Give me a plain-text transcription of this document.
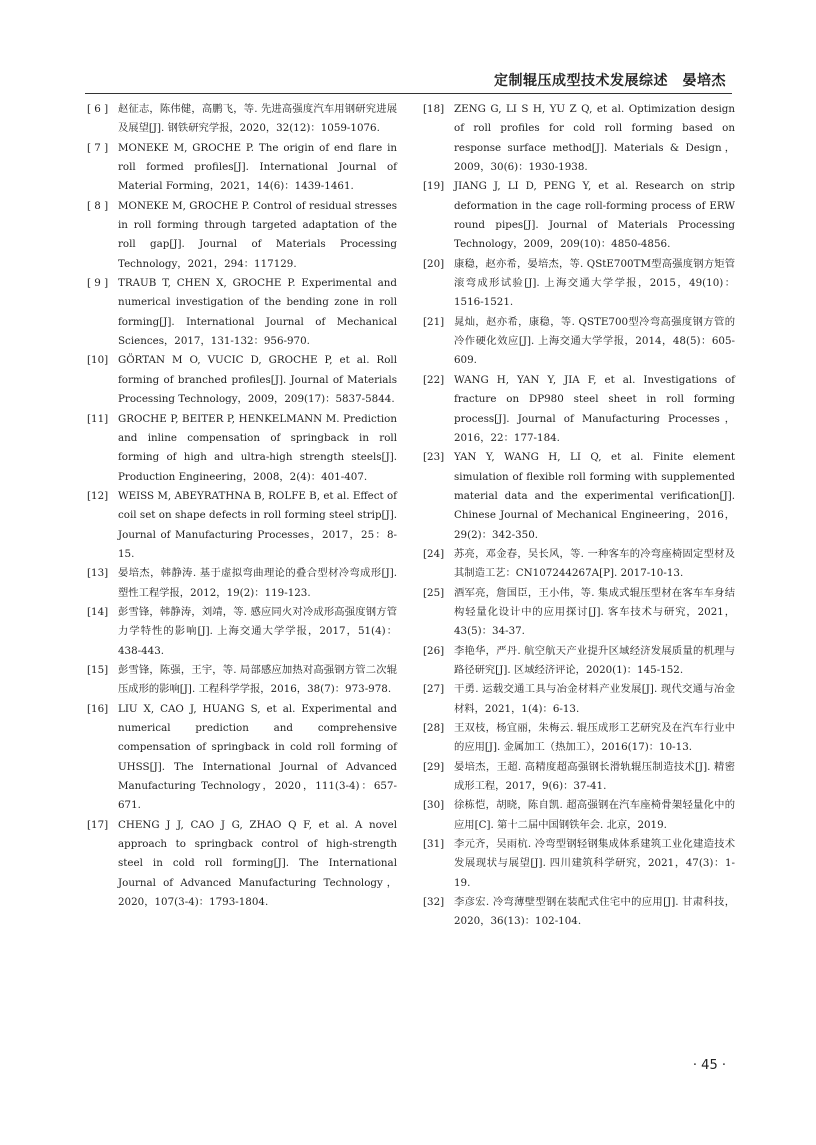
定制辊压成型技术发展综述　晏培杰
[ 6 ] 赵征志，陈伟健，高鹏飞，等. 先进高强度汽车用钢研究进展及展望[J]. 钢铁研究学报，2020，32(12)：1059-1076.
[ 7 ] MONEKE M, GROCHE P. The origin of end flare in roll formed profiles[J]. International Journal of Material Forming，2021，14(6)：1439-1461.
[ 8 ] MONEKE M, GROCHE P. Control of residual stresses in roll forming through targeted adaptation of the roll gap[J]. Journal of Materials Processing Technology，2021，294：117129.
[ 9 ] TRAUB T, CHEN X, GROCHE P. Experimental and numerical investigation of the bending zone in roll forming[J]. International Journal of Mechanical Sciences，2017，131-132：956-970.
[10] GÖRTAN M O, VUCIC D, GROCHE P, et al. Roll forming of branched profiles[J]. Journal of Materials Processing Technology，2009，209(17)：5837-5844.
[11] GROCHE P, BEITER P, HENKELMANN M. Prediction and inline compensation of springback in roll forming of high and ultra-high strength steels[J]. Production Engineering，2008，2(4)：401-407.
[12] WEISS M, ABEYRATHNA B, ROLFE B, et al. Effect of coil set on shape defects in roll forming steel strip[J]. Journal of Manufacturing Processes，2017，25：8-15.
[13] 晏培杰，韩静涛. 基于虚拟弯曲理论的叠合型材冷弯成形[J]. 塑性工程学报，2012，19(2)：119-123.
[14] 彭雪锋，韩静涛，刘靖，等. 感应同火对冷成形高强度钢方管力学特性的影响[J]. 上海交通大学学报，2017，51(4)：438-443.
[15] 彭雪锋，陈强，王宇，等. 局部感应加热对高强钢方管二次辊压成形的影响[J]. 工程科学学报，2016，38(7)：973-978.
[16] LIU X, CAO J, HUANG S, et al. Experimental and numerical prediction and comprehensive compensation of springback in cold roll forming of UHSS[J]. The International Journal of Advanced Manufacturing Technology，2020，111(3-4)：657-671.
[17] CHENG J J, CAO J G, ZHAO Q F, et al. A novel approach to springback control of high-strength steel in cold roll forming[J]. The International Journal of Advanced Manufacturing Technology，2020，107(3-4)：1793-1804.
[18] ZENG G, LI S H, YU Z Q, et al. Optimization design of roll profiles for cold roll forming based on response surface method[J]. Materials & Design，2009，30(6)：1930-1938.
[19] JIANG J, LI D, PENG Y, et al. Research on strip deformation in the cage roll-forming process of ERW round pipes[J]. Journal of Materials Processing Technology，2009，209(10)：4850-4856.
[20] 康稳，赵亦希，晏培杰，等. QStE700TM型高强度钢方矩管滚弯成形试验[J]. 上海交通大学学报，2015，49(10)：1516-1521.
[21] 晁灿，赵亦希，康稳，等. QSTE700型冷弯高强度钢方管的冷作硬化效应[J]. 上海交通大学学报，2014，48(5)：605-609.
[22] WANG H, YAN Y, JIA F, et al. Investigations of fracture on DP980 steel sheet in roll forming process[J]. Journal of Manufacturing Processes，2016，22：177-184.
[23] YAN Y, WANG H, LI Q, et al. Finite element simulation of flexible roll forming with supplemented material data and the experimental verification[J]. Chinese Journal of Mechanical Engineering，2016，29(2)：342-350.
[24] 苏亮，邓金春，吴长风，等. 一种客车的冷弯座椅固定型材及其制造工艺：CN107244267A[P]. 2017-10-13.
[25] 酒军亮，詹国臣，王小伟，等. 集成式辊压型材在客车车身结构轻量化设计中的应用探讨[J]. 客车技术与研究，2021，43(5)：34-37.
[26] 李艳华，严丹. 航空航天产业提升区域经济发展质量的机理与路径研究[J]. 区域经济评论，2020(1)：145-152.
[27] 干勇. 运载交通工具与冶金材料产业发展[J]. 现代交通与冶金材料，2021，1(4)：6-13.
[28] 王双枝，杨宜丽，朱梅云. 辊压成形工艺研究及在汽车行业中的应用[J]. 金属加工（热加工），2016(17)：10-13.
[29] 晏培杰，王超. 高精度超高强钢长滑轨辊压制造技术[J]. 精密成形工程，2017，9(6)：37-41.
[30] 徐栋恺，胡晓，陈自凯. 超高强钢在汽车座椅骨架轻量化中的应用[C]. 第十二届中国钢铁年会. 北京，2019.
[31] 李元齐，吴雨杭. 冷弯型钢轻钢集成体系建筑工业化建造技术发展现状与展望[J]. 四川建筑科学研究，2021，47(3)：1-19.
[32] 李彦宏. 冷弯薄壁型钢在装配式住宅中的应用[J]. 甘肃科技，2020，36(13)：102-104.
· 45 ·
